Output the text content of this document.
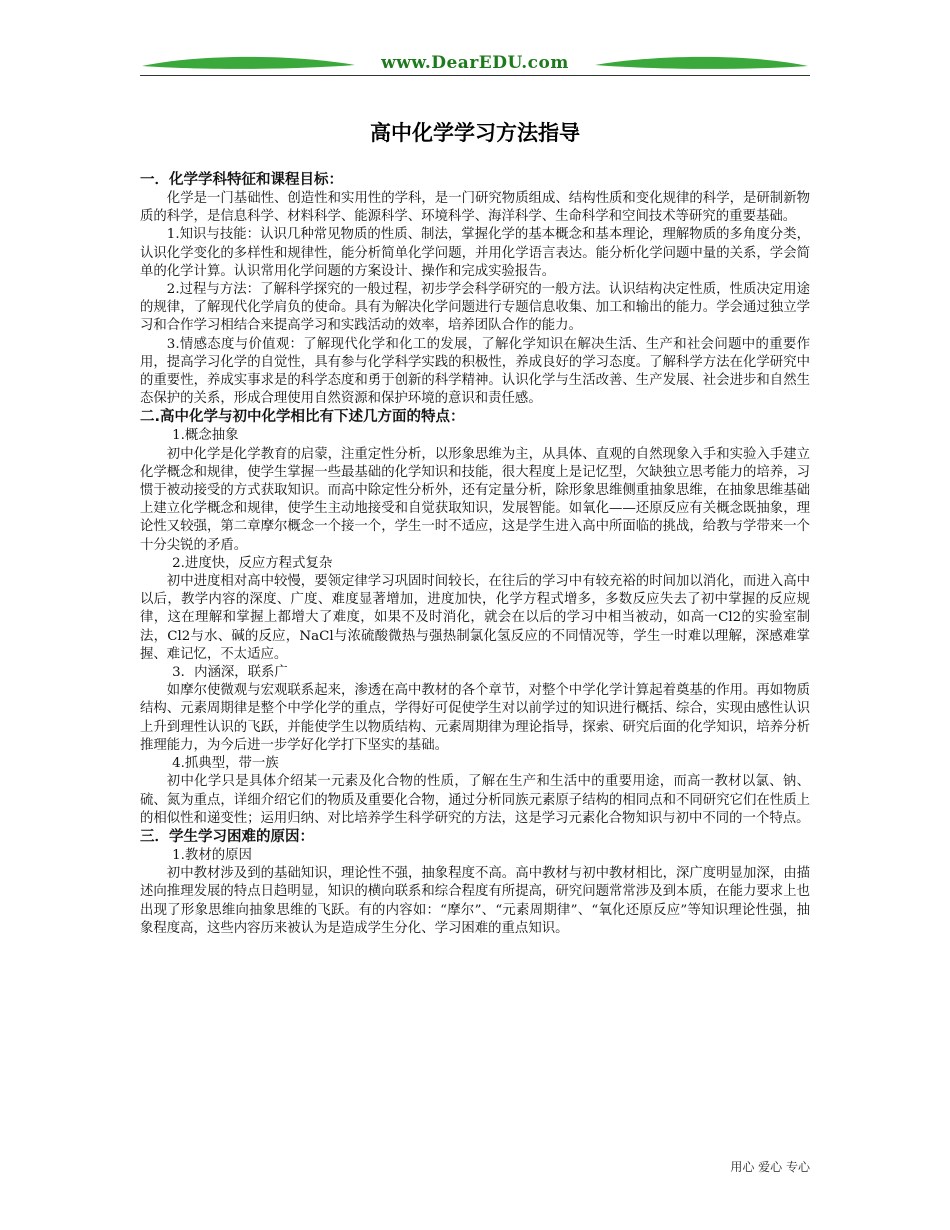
www.DearEDU.com
高中化学学习方法指导
一．化学学科特征和课程目标：

化学是一门基础性、创造性和实用性的学科，是一门研究物质组成、结构性质和变化规律的科学，是研制新物质的科学，是信息科学、材料科学、能源科学、环境科学、海洋科学、生命科学和空间技术等研究的重要基础。

1.知识与技能：认识几种常见物质的性质、制法，掌握化学的基本概念和基本理论，理解物质的多角度分类，认识化学变化的多样性和规律性，能分析简单化学问题，并用化学语言表达。能分析化学问题中量的关系，学会简单的化学计算。认识常用化学问题的方案设计、操作和完成实验报告。

2.过程与方法：了解科学探究的一般过程，初步学会科学研究的一般方法。认识结构决定性质，性质决定用途的规律，了解现代化学肩负的使命。具有为解决化学问题进行专题信息收集、加工和输出的能力。学会通过独立学习和合作学习相结合来提高学习和实践活动的效率，培养团队合作的能力。

3.情感态度与价值观：了解现代化学和化工的发展，了解化学知识在解决生活、生产和社会问题中的重要作用，提高学习化学的自觉性，具有参与化学科学实践的积极性，养成良好的学习态度。了解科学方法在化学研究中的重要性，养成实事求是的科学态度和勇于创新的科学精神。认识化学与生活改善、生产发展、社会进步和自然生态保护的关系，形成合理使用自然资源和保护环境的意识和责任感。

二.高中化学与初中化学相比有下述几方面的特点：
1.概念抽象

初中化学是化学教育的启蒙，注重定性分析，以形象思维为主，从具体、直观的自然现象入手和实验入手建立化学概念和规律，使学生掌握一些最基础的化学知识和技能，很大程度上是记忆型，欠缺独立思考能力的培养，习惯于被动接受的方式获取知识。而高中除定性分析外，还有定量分析，除形象思维侧重抽象思维，在抽象思维基础上建立化学概念和规律，使学生主动地接受和自觉获取知识，发展智能。如氧化——还原反应有关概念既抽象，理论性又较强，第二章摩尔概念一个接一个，学生一时不适应，这是学生进入高中所面临的挑战，给教与学带来一个十分尖锐的矛盾。

2.进度快，反应方程式复杂

初中进度相对高中较慢，要领定律学习巩固时间较长，在往后的学习中有较充裕的时间加以消化，而进入高中以后，教学内容的深度、广度、难度显著增加，进度加快，化学方程式增多，多数反应失去了初中掌握的反应规律，这在理解和掌握上都增大了难度，如果不及时消化，就会在以后的学习中相当被动，如高一Cl2的实验室制法，Cl2与水、碱的反应，NaCl与浓硫酸微热与强热制氯化氢反应的不同情况等，学生一时难以理解，深感难掌握、难记忆，不太适应。

3．内涵深，联系广

如摩尔使微观与宏观联系起来，渗透在高中教材的各个章节，对整个中学化学计算起着奠基的作用。再如物质结构、元素周期律是整个中学化学的重点，学得好可促使学生对以前学过的知识进行概括、综合，实现由感性认识上升到理性认识的飞跃，并能使学生以物质结构、元素周期律为理论指导，探索、研究后面的化学知识，培养分析推理能力，为今后进一步学好化学打下坚实的基础。

4.抓典型，带一族

初中化学只是具体介绍某一元素及化合物的性质，了解在生产和生活中的重要用途，而高一教材以氯、钠、硫、氮为重点，详细介绍它们的物质及重要化合物，通过分析同族元素原子结构的相同点和不同研究它们在性质上的相似性和递变性；运用归纳、对比培养学生科学研究的方法，这是学习元素化合物知识与初中不同的一个特点。

三．学生学习困难的原因：
1.教材的原因

初中教材涉及到的基础知识，理论性不强，抽象程度不高。高中教材与初中教材相比，深广度明显加深，由描述向推理发展的特点日趋明显，知识的横向联系和综合程度有所提高，研究问题常常涉及到本质，在能力要求上也出现了形象思维向抽象思维的飞跃。有的内容如：“摩尔”、“元素周期律”、“氧化还原反应”等知识理论性强，抽象程度高，这些内容历来被认为是造成学生分化、学习困难的重点知识。

用心 爱心 专心
